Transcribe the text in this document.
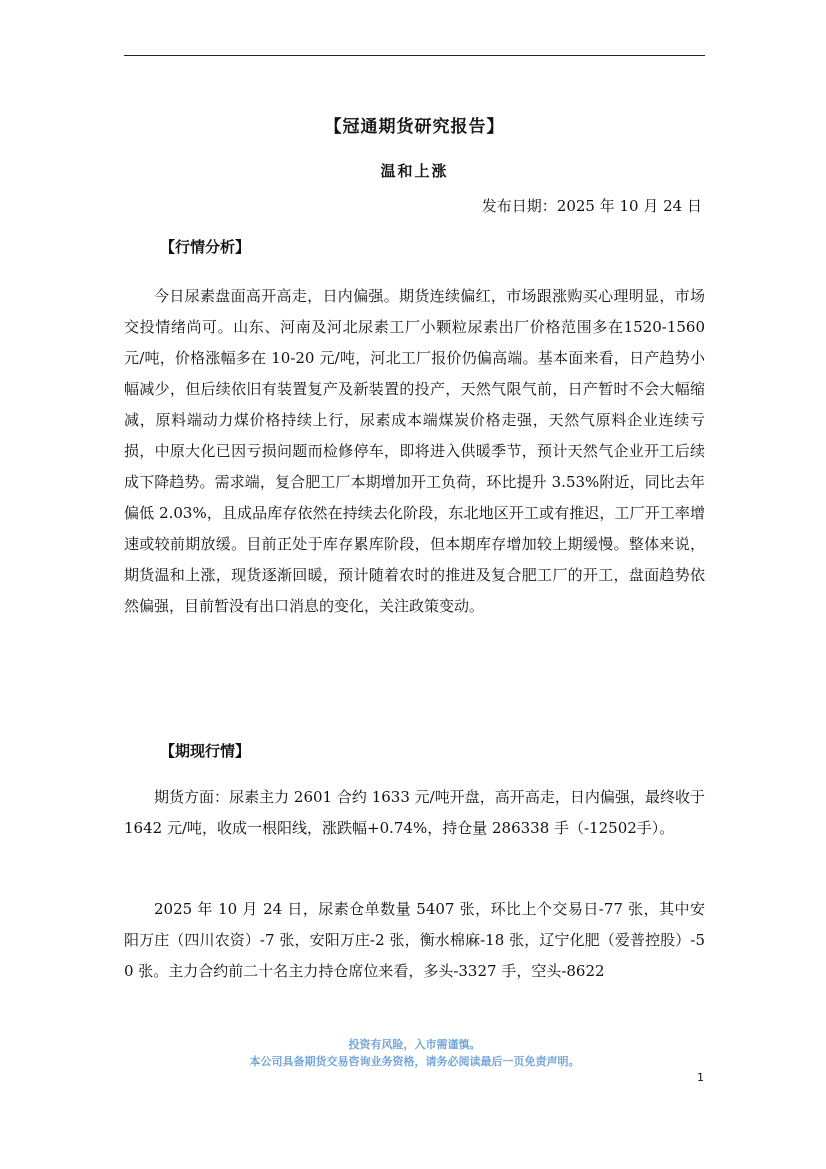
【冠通期货研究报告】
温和上涨
发布日期：2025 年 10 月 24 日
【行情分析】

今日尿素盘面高开高走，日内偏强。期货连续偏红，市场跟涨购买心理明显，市场交投情绪尚可。山东、河南及河北尿素工厂小颗粒尿素出厂价格范围多在1520-1560 元/吨，价格涨幅多在 10-20 元/吨，河北工厂报价仍偏高端。基本面来看，日产趋势小幅减少，但后续依旧有装置复产及新装置的投产，天然气限气前，日产暂时不会大幅缩减，原料端动力煤价格持续上行，尿素成本端煤炭价格走强，天然气原料企业连续亏损，中原大化已因亏损问题而检修停车，即将进入供暖季节，预计天然气企业开工后续成下降趋势。需求端，复合肥工厂本期增加开工负荷，环比提升 3.53%附近，同比去年偏低 2.03%，且成品库存依然在持续去化阶段，东北地区开工或有推迟，工厂开工率增速或较前期放缓。目前正处于库存累库阶段，但本期库存增加较上期缓慢。整体来说，期货温和上涨，现货逐渐回暖，预计随着农时的推进及复合肥工厂的开工，盘面趋势依然偏强，目前暂没有出口消息的变化，关注政策变动。

【期现行情】

期货方面：尿素主力 2601 合约 1633 元/吨开盘，高开高走，日内偏强，最终收于 1642 元/吨，收成一根阳线，涨跌幅+0.74%，持仓量 286338 手（-12502手）。

2025 年 10 月 24 日，尿素仓单数量 5407 张，环比上个交易日-77 张，其中安阳万庄（四川农资）-7 张，安阳万庄-2 张，衡水棉麻-18 张，辽宁化肥（爱普控股）-50 张。主力合约前二十名主力持仓席位来看，多头-3327 手，空头-8622

投资有风险，入市需谨慎。
本公司具备期货交易咨询业务资格，请务必阅读最后一页免责声明。
1
